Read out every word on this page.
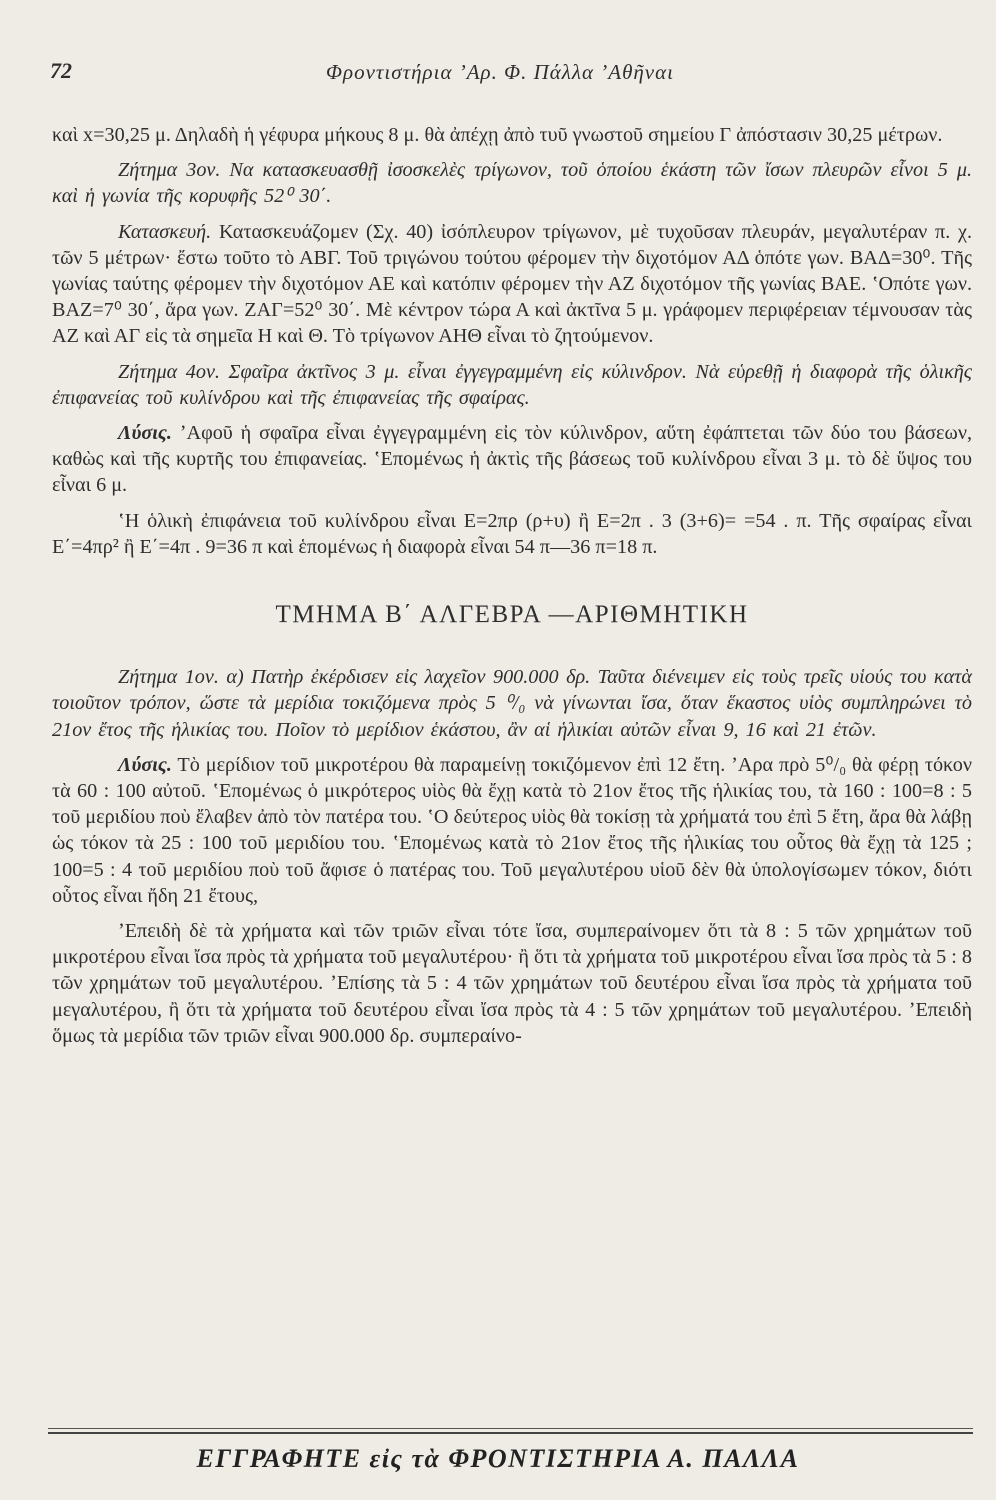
72	Φροντιστήρια ʼΑρ. Φ. Πάλλα ʼΑθῆναι

καὶ x=30,25 μ. Δηλαδὴ ἡ γέφυρα μήκους 8 μ. θὰ ἀπέχῃ ἀπὸ τυῦ γνωστοῦ σημείου Γ ἀπόστασιν 30,25 μέτρων.

Ζήτημα 3ον. Να κατασκευασθῇ ἰσοσκελὲς τρίγωνον, τοῦ ὁποίου ἑκάστη τῶν ἴσων πλευρῶν εἶνοι 5 μ. καὶ ἡ γωνία τῆς κορυφῆς 52⁰ 30΄.

Κατασκευή. Κατασκευάζομεν (Σχ. 40) ἰσόπλευρον τρίγωνον, μὲ τυχοῦσαν πλευράν, μεγαλυτέραν π. χ. τῶν 5 μέτρων· ἔστω τοῦτο τὸ ΑΒΓ. Τοῦ τριγώνου τούτου φέρομεν τὴν διχοτόμον ΑΔ ὁπότε γων. ΒΑΔ=30⁰. Τῆς γωνίας ταύτης φέρομεν τὴν διχοτόμον ΑΕ καὶ κατόπιν φέρομεν τὴν ΑΖ διχοτόμον τῆς γωνίας ΒΑΕ. ʽΟπότε γων. ΒΑΖ=7⁰ 30΄, ἄρα γων. ΖΑΓ=52⁰ 30΄. Μὲ κέντρον τώρα Α καὶ ἀκτῖνα 5 μ. γράφομεν περιφέρειαν τέμνουσαν τὰς ΑΖ καὶ ΑΓ εἰς τὰ σημεῖα Η καὶ Θ. Τὸ τρίγωνον ΑΗΘ εἶναι τὸ ζητούμενον.

Ζήτημα 4ον. Σφαῖρα ἀκτῖνος 3 μ. εἶναι ἐγγεγραμμένη εἰς κύλινδρον. Νὰ εὑρεθῇ ἡ διαφορὰ τῆς ὁλικῆς ἐπιφανείας τοῦ κυλίνδρου καὶ τῆς ἐπιφανείας τῆς σφαίρας.

Λύσις. ʼΑφοῦ ἡ σφαῖρα εἶναι ἐγγεγραμμένη εἰς τὸν κύλινδρον, αὕτη ἐφάπτεται τῶν δύο του βάσεων, καθὼς καὶ τῆς κυρτῆς του ἐπιφανείας. ʽΕπομένως ἡ ἀκτὶς τῆς βάσεως τοῦ κυλίνδρου εἶναι 3 μ. τὸ δὲ ὕψος του εἶναι 6 μ.

ʽΗ ὁλικὴ ἐπιφάνεια τοῦ κυλίνδρου εἶναι Ε=2πρ (ρ+υ) ἢ Ε=2π . 3 (3+6)= =54 . π. Τῆς σφαίρας εἶναι Ε΄=4πρ² ἢ Ε΄=4π . 9=36 π καὶ ἑπομένως ἡ διαφορὰ εἶναι 54 π—36 π=18 π.

ΤΜΗΜΑ Β΄ ΑΛΓΕΒΡΑ —ΑΡΙΘΜΗΤΙΚΗ

Ζήτημα 1ον. α) Πατὴρ ἐκέρδισεν εἰς λαχεῖον 900.000 δρ. Ταῦτα διένειμεν εἰς τοὺς τρεῖς υἱούς του κατὰ τοιοῦτον τρόπον, ὥστε τὰ μερίδια τοκιζόμενα πρὸς 5 ⁰/₀ νὰ γίνωνται ἴσα, ὅταν ἕκαστος υἱὸς συμπληρώνει τὸ 21ον ἔτος τῆς ἡλικίας του. Ποῖον τὸ μερίδιον ἑκάστου, ἂν αἱ ἡλικίαι αὐτῶν εἶναι 9, 16 καὶ 21 ἐτῶν.

Λύσις. Τὸ μερίδιον τοῦ μικροτέρου θὰ παραμείνῃ τοκιζόμενον ἐπὶ 12 ἔτη. ʼΑρα πρὸ 5⁰/₀ θὰ φέρῃ τόκον τὰ 60 : 100 αὐτοῦ. ʽΕπομένως ὁ μικρότερος υἱὸς θὰ ἔχῃ κατὰ τὸ 21ον ἔτος τῆς ἡλικίας του, τὰ 160 : 100=8 : 5 τοῦ μεριδίου ποὺ ἔλαβεν ἀπὸ τὸν πατέρα του. ʽΟ δεύτερος υἱὸς θὰ τοκίσῃ τὰ χρήματά του ἐπὶ 5 ἔτη, ἄρα θὰ λάβῃ ὡς τόκον τὰ 25 : 100 τοῦ μεριδίου του. ʽΕπομένως κατὰ τὸ 21ον ἔτος τῆς ἡλικίας του οὗτος θὰ ἔχῃ τὰ 125 ; 100=5 : 4 τοῦ μεριδίου ποὺ τοῦ ἄφισε ὁ πατέρας του. Τοῦ μεγαλυτέρου υἱοῦ δὲν θὰ ὑπολογίσωμεν τόκον, διότι οὗτος εἶναι ἤδη 21 ἔτους,

ʼΕπειδὴ δὲ τὰ χρήματα καὶ τῶν τριῶν εἶναι τότε ἴσα, συμπεραίνομεν ὅτι τὰ 8 : 5 τῶν χρημάτων τοῦ μικροτέρου εἶναι ἴσα πρὸς τὰ χρήματα τοῦ μεγαλυτέρου· ἢ ὅτι τὰ χρήματα τοῦ μικροτέρου εἶναι ἴσα πρὸς τὰ 5 : 8 τῶν χρημάτων τοῦ μεγαλυτέρου. ʼΕπίσης τὰ 5 : 4 τῶν χρημάτων τοῦ δευτέρου εἶναι ἴσα πρὸς τὰ χρήματα τοῦ μεγαλυτέρου, ἢ ὅτι τὰ χρήματα τοῦ δευτέρου εἶναι ἴσα πρὸς τὰ 4 : 5 τῶν χρημάτων τοῦ μεγαλυτέρου. ʼΕπειδὴ ὅμως τὰ μερίδια τῶν τριῶν εἶναι 900.000 δρ. συμπεραίνο-

ΕΓΓΡΑΦΗΤΕ εἰς τὰ ΦΡΟΝΤΙΣΤΗΡΙΑ Α. ΠΑΛΛΑ
